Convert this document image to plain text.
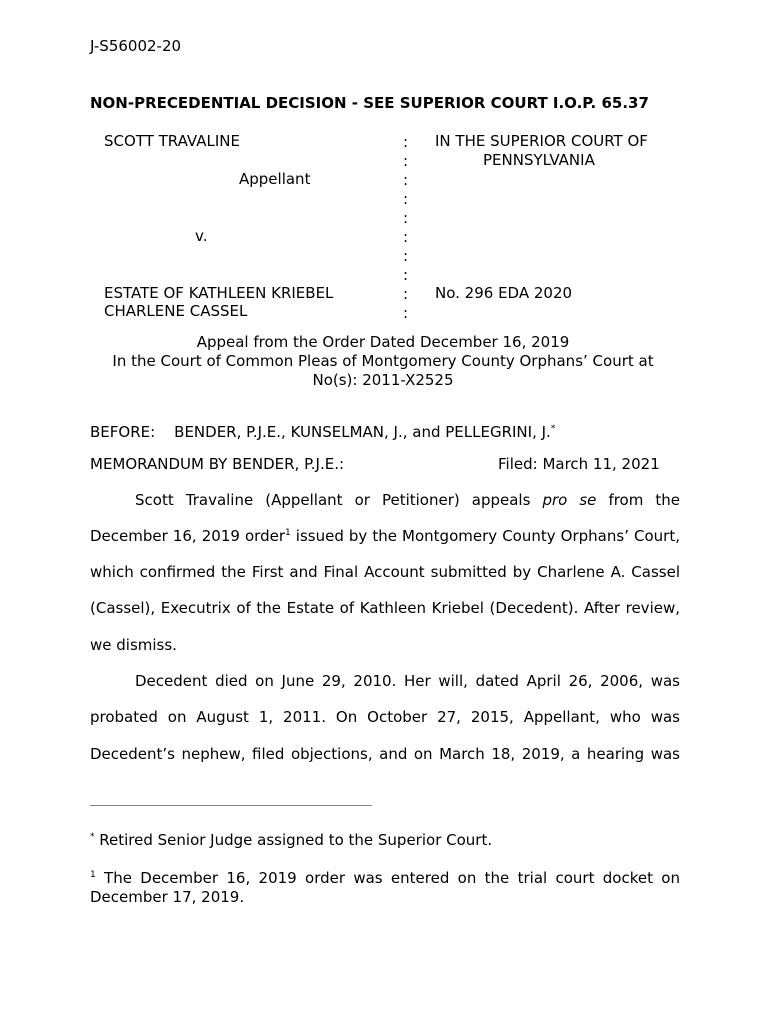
J-S56002-20
NON-PRECEDENTIAL DECISION - SEE SUPERIOR COURT I.O.P. 65.37
SCOTT TRAVALINE
Appellant
v.
ESTATE OF KATHLEEN KRIEBEL
CHARLENE CASSEL
:
:
:
:
:
:
:
:
:
:
IN THE SUPERIOR COURT OF
PENNSYLVANIA
No. 296 EDA 2020
Appeal from the Order Dated December 16, 2019
In the Court of Common Pleas of Montgomery County Orphans’ Court at
No(s): 2011-X2525
BEFORE: BENDER, P.J.E., KUNSELMAN, J., and PELLEGRINI, J.*
MEMORANDUM BY BENDER, P.J.E.:	Filed: March 11, 2021
Scott Travaline (Appellant or Petitioner) appeals pro se from the
December 16, 2019 order$^1$ issued by the Montgomery County Orphans’ Court,
which confirmed the First and Final Account submitted by Charlene A. Cassel
(Cassel), Executrix of the Estate of Kathleen Kriebel (Decedent). After review,
we dismiss.
Decedent died on June 29, 2010. Her will, dated April 26, 2006, was
probated on August 1, 2011. On October 27, 2015, Appellant, who was
Decedent’s nephew, filed objections, and on March 18, 2019, a hearing was
* Retired Senior Judge assigned to the Superior Court.
$^1$ The December 16, 2019 order was entered on the trial court docket on December 17, 2019.
